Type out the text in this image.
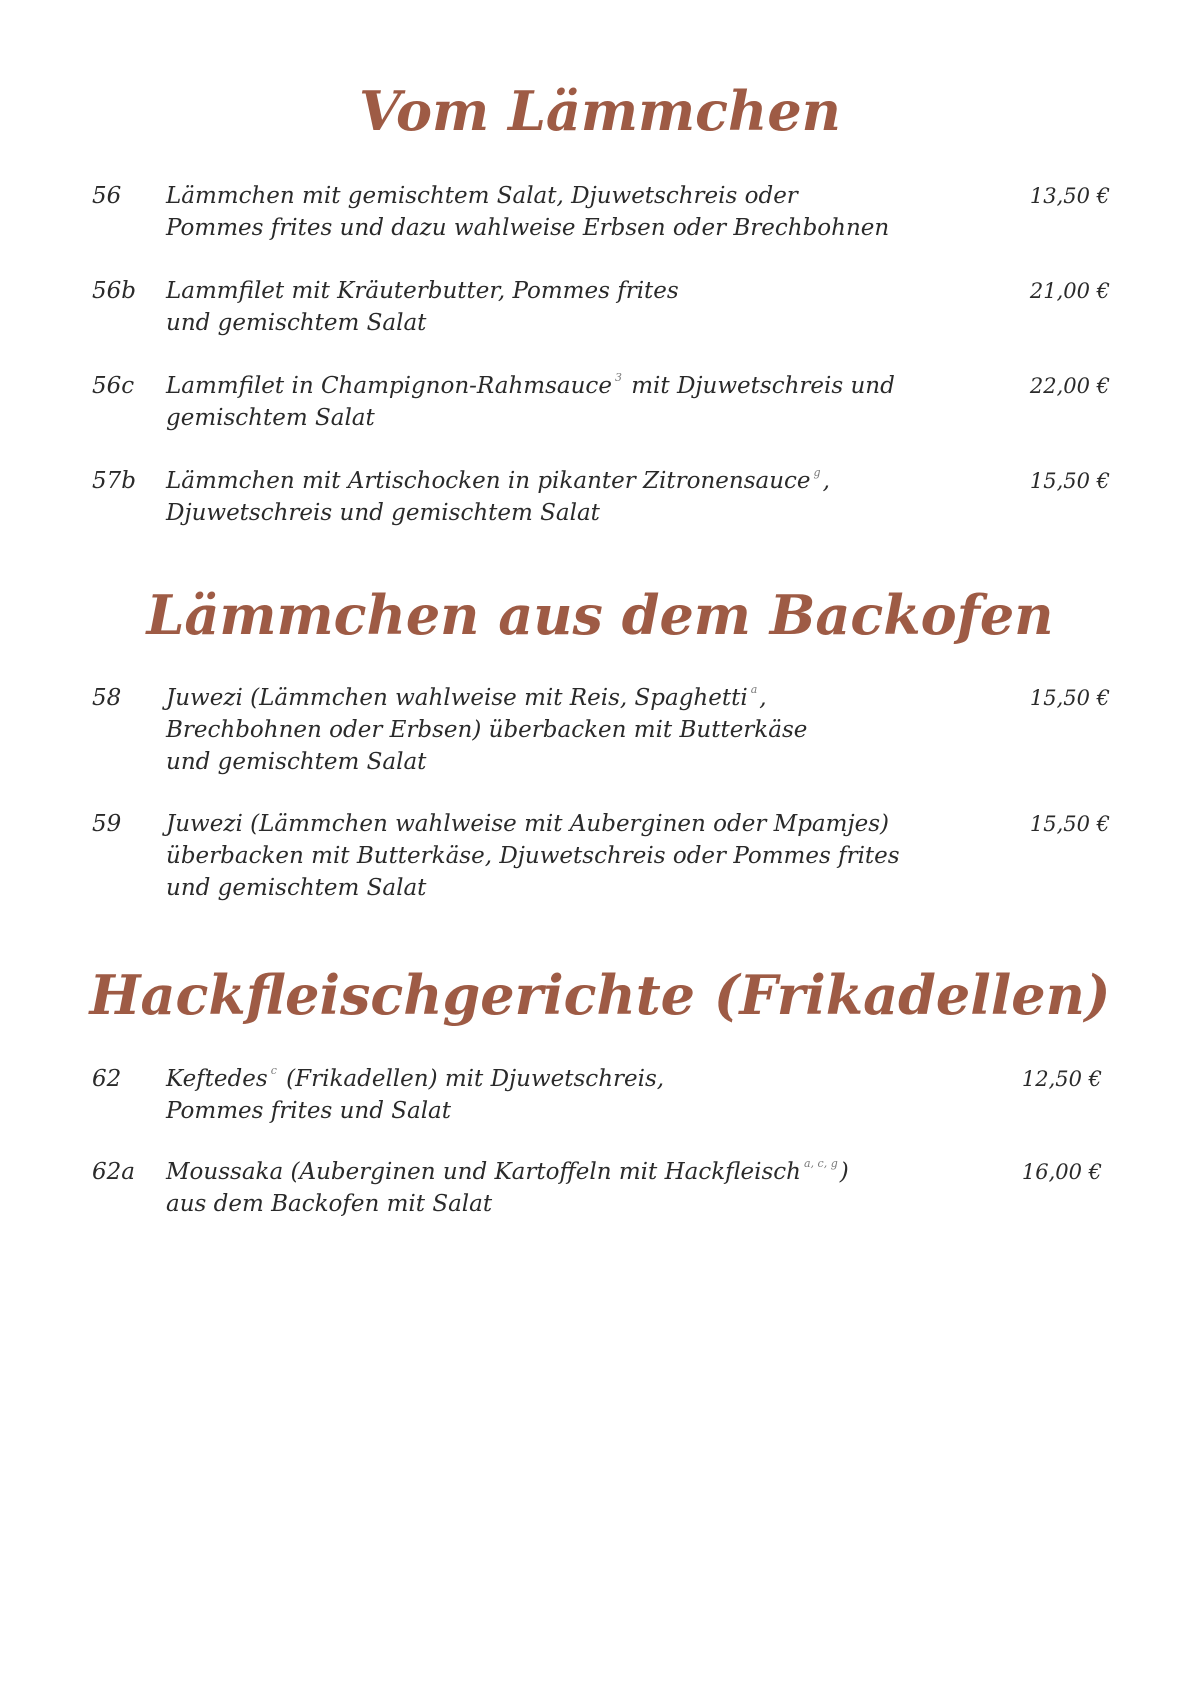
Vom Lämmchen
56 Lämmchen mit gemischtem Salat, Djuwetschreis oder
Pommes frites und dazu wahlweise Erbsen oder Brechbohnen
13,50 €
56b Lammfilet mit Kräuterbutter, Pommes frites
und gemischtem Salat
21,00 €
56c Lammfilet in Champignon-Rahmsauce $^3$ mit Djuwetschreis und
gemischtem Salat
22,00 €
57b Lämmchen mit Artischocken in pikanter Zitronensauce $^g$,
Djuwetschreis und gemischtem Salat
15,50 €
Lämmchen aus dem Backofen
58 Juwezi (Lämmchen wahlweise mit Reis, Spaghetti $^a$,
Brechbohnen oder Erbsen) überbacken mit Butterkäse
und gemischtem Salat
15,50 €
59 Juwezi (Lämmchen wahlweise mit Auberginen oder Mpamjes)
überbacken mit Butterkäse, Djuwetschreis oder Pommes frites
und gemischtem Salat
15,50 €
Hackfleischgerichte (Frikadellen)
62 Keftedes $^c$ (Frikadellen) mit Djuwetschreis,
Pommes frites und Salat
12,50 €
62a Moussaka (Auberginen und Kartoffeln mit Hackfleisch $^{a, c, g}$)
aus dem Backofen mit Salat
16,00 €
